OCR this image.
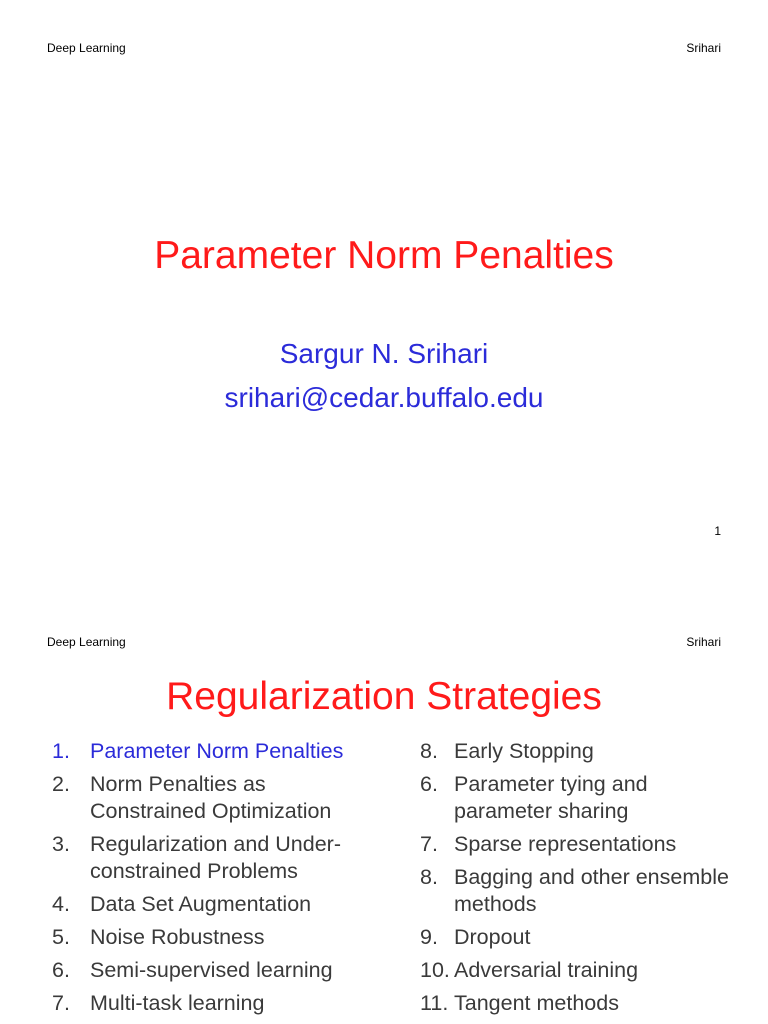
Deep Learning	Srihari
Parameter Norm Penalties
Sargur N. Srihari
srihari@cedar.buffalo.edu
1
Deep Learning	Srihari
Regularization Strategies
1. Parameter Norm Penalties
2. Norm Penalties as Constrained Optimization
3. Regularization and Under-constrained Problems
4. Data Set Augmentation
5. Noise Robustness
6. Semi-supervised learning
7. Multi-task learning
8. Early Stopping
6. Parameter tying and parameter sharing
7. Sparse representations
8. Bagging and other ensemble methods
9. Dropout
10. Adversarial training
11. Tangent methods
